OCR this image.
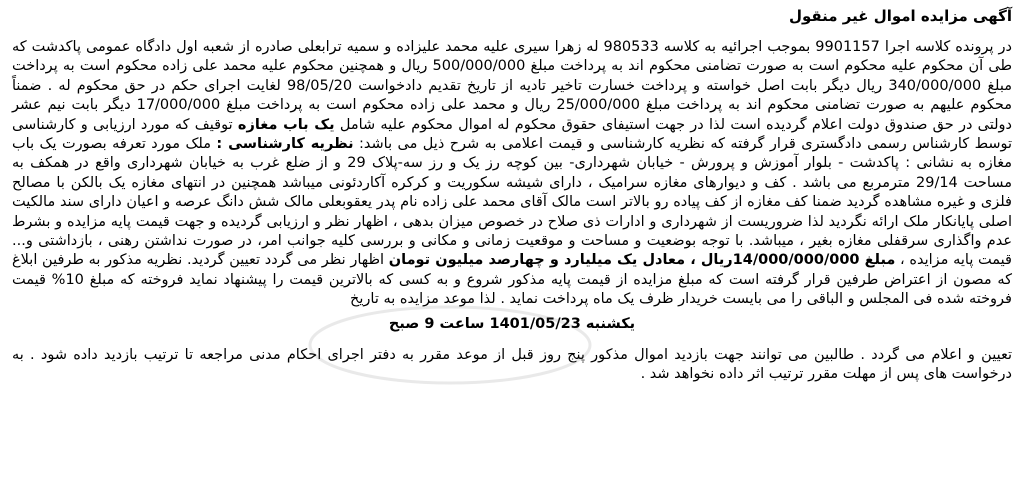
آگهی مزایده اموال غیر منقول
در پرونده کلاسه اجرا 9901157 بموجب اجرائیه به کلاسه 980533 له زهرا سیری علیه محمد علیزاده و سمیه ترابعلی صادره از شعبه اول دادگاه عمومی پاکدشت که طی آن محکوم علیه محکوم است به صورت تضامنی محکوم اند به پرداخت مبلغ 500/000/000 ریال و همچنین محکوم علیه محمد علی زاده محکوم است به پرداخت مبلغ 340/000/000 ریال دیگر بابت اصل خواسته و پرداخت خسارت تاخیر تادیه از تاریخ تقدیم دادخواست 98/05/20 لغایت اجرای حکم در حق محکوم له . ضمناً محکوم علیهم به صورت تضامنی محکوم اند به پرداخت مبلغ 25/000/000 ریال و محمد علی زاده محکوم است به پرداخت مبلغ 17/000/000 دیگر بابت نیم عشر دولتی در حق صندوق دولت اعلام گردیده است لذا در جهت استیفای حقوق محکوم له اموال محکوم علیه شامل یک باب مغازه توقیف که مورد ارزیابی و کارشناسی توسط کارشناس رسمی دادگستری قرار گرفته که نظریه کارشناسی و قیمت اعلامی به شرح ذیل می باشد: نظریه کارشناسی : ملک مورد تعرفه بصورت یک باب مغازه به نشانی : پاکدشت - بلوار آموزش و پرورش - خیابان شهرداری- بین کوچه رز یک و رز سه-پلاک 29 و از ضلع غرب به خیابان شهرداری واقع در همکف به مساحت 29/14 مترمربع می باشد . کف و دیوارهای مغازه سرامیک ، دارای شیشه سکوریت و کرکره آکاردئونی میباشد همچنین در انتهای مغازه یک بالکن با مصالح فلزی و غیره مشاهده گردید ضمنا کف مغازه از کف پیاده رو بالاتر است مالک آقای محمد علی زاده نام پدر یعقوبعلی مالک شش دانگ عرصه و اعیان دارای سند مالکیت اصلی پایانکار ملک ارائه نگردید لذا ضروریست از شهرداری و ادارات ذی صلاح در خصوص میزان بدهی ، اظهار نظر و ارزیابی گردیده و جهت قیمت پایه مزایده و بشرط عدم واگذاری سرقفلی مغازه بغیر ، میباشد. با توجه بوضعیت و مساحت و موقعیت زمانی و مکانی و بررسی کلیه جوانب امر، در صورت نداشتن رهنی ، بازداشتی و... قیمت پایه مزایده ، مبلغ 14/000/000/000ریال ، معادل یک میلیارد و چهارصد میلیون تومان اظهار نظر می گردد تعیین گردید. نظریه مذکور به طرفین ابلاغ که مصون از اعتراض طرفین قرار گرفته است که مبلغ مزایده از قیمت پایه مذکور شروع و به کسی که بالاترین قیمت را پیشنهاد نماید فروخته که مبلغ 10% قیمت فروخته شده فی المجلس و الباقی را می بایست خریدار ظرف یک ماه پرداخت نماید . لذا موعد مزایده به تاریخ
یکشنبه 1401/05/23 ساعت 9 صبح
تعیین و اعلام می گردد . طالبین می توانند جهت بازدید اموال مذکور پنج روز قبل از موعد مقرر به دفتر اجرای احکام مدنی مراجعه تا ترتیب بازدید داده شود . به درخواست های پس از مهلت مقرر ترتیب اثر داده نخواهد شد .
